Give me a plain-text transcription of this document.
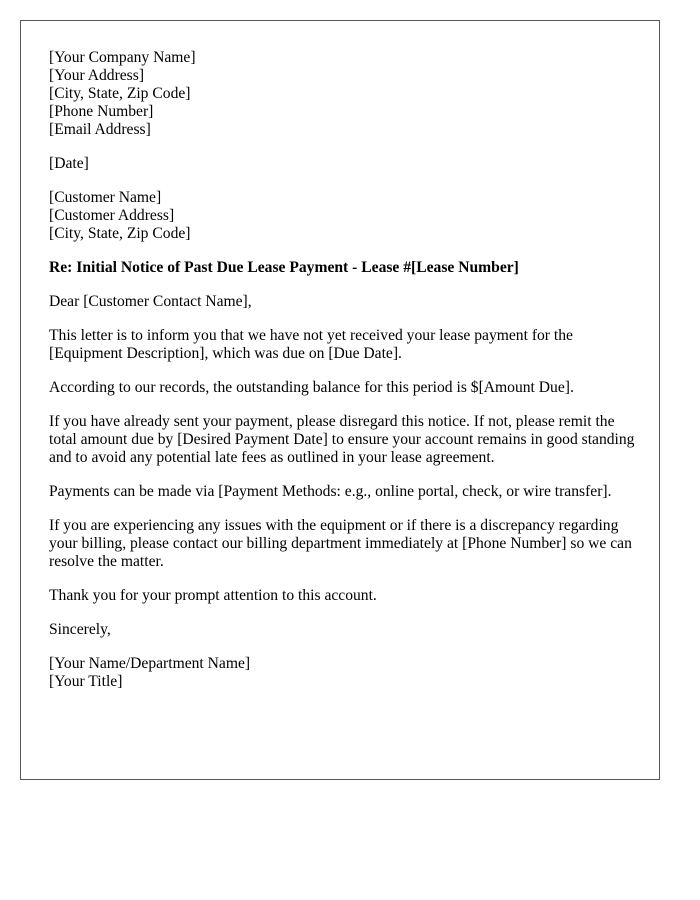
[Your Company Name]
[Your Address]
[City, State, Zip Code]
[Phone Number]
[Email Address]
[Date]
[Customer Name]
[Customer Address]
[City, State, Zip Code]

Re: Initial Notice of Past Due Lease Payment - Lease #[Lease Number]

Dear [Customer Contact Name],

This letter is to inform you that we have not yet received your lease payment for the [Equipment Description], which was due on [Due Date].

According to our records, the outstanding balance for this period is $[Amount Due].

If you have already sent your payment, please disregard this notice. If not, please remit the total amount due by [Desired Payment Date] to ensure your account remains in good standing and to avoid any potential late fees as outlined in your lease agreement.

Payments can be made via [Payment Methods: e.g., online portal, check, or wire transfer].

If you are experiencing any issues with the equipment or if there is a discrepancy regarding your billing, please contact our billing department immediately at [Phone Number] so we can resolve the matter.

Thank you for your prompt attention to this account.

Sincerely,

[Your Name/Department Name]
[Your Title]
